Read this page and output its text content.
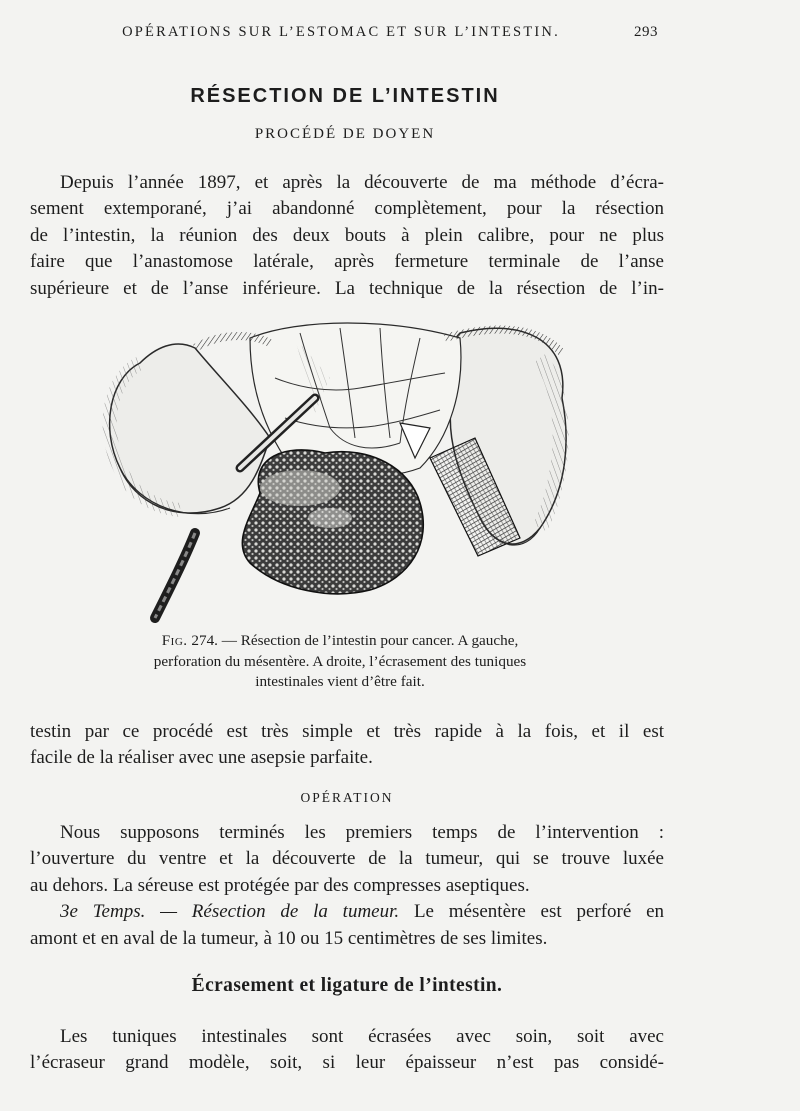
OPÉRATIONS SUR L’ESTOMAC ET SUR L’INTESTIN.	293
RÉSECTION DE L’INTESTIN
PROCÉDÉ DE DOYEN
Depuis l’année 1897, et après la découverte de ma méthode d’écra-
sement extemporané, j’ai abandonné complètement, pour la résection
de l’intestin, la réunion des deux bouts à plein calibre, pour ne plus
faire que l’anastomose latérale, après fermeture terminale de l’anse
supérieure et de l’anse inférieure. La technique de la résection de l’in-
Fig. 274. — Résection de l’intestin pour cancer. A gauche,
perforation du mésentère. A droite, l’écrasement des tuniques
intestinales vient d’être fait.
testin par ce procédé est très simple et très rapide à la fois, et il est
facile de la réaliser avec une asepsie parfaite.
OPÉRATION
Nous supposons terminés les premiers temps de l’intervention :
l’ouverture du ventre et la découverte de la tumeur, qui se trouve luxée
au dehors. La séreuse est protégée par des compresses aseptiques.
3e Temps. — Résection de la tumeur. Le mésentère est perforé en
amont et en aval de la tumeur, à 10 ou 15 centimètres de ses limites.
Écrasement et ligature de l’intestin.
Les tuniques intestinales sont écrasées avec soin, soit avec
l’écraseur grand modèle, soit, si leur épaisseur n’est pas considé-
